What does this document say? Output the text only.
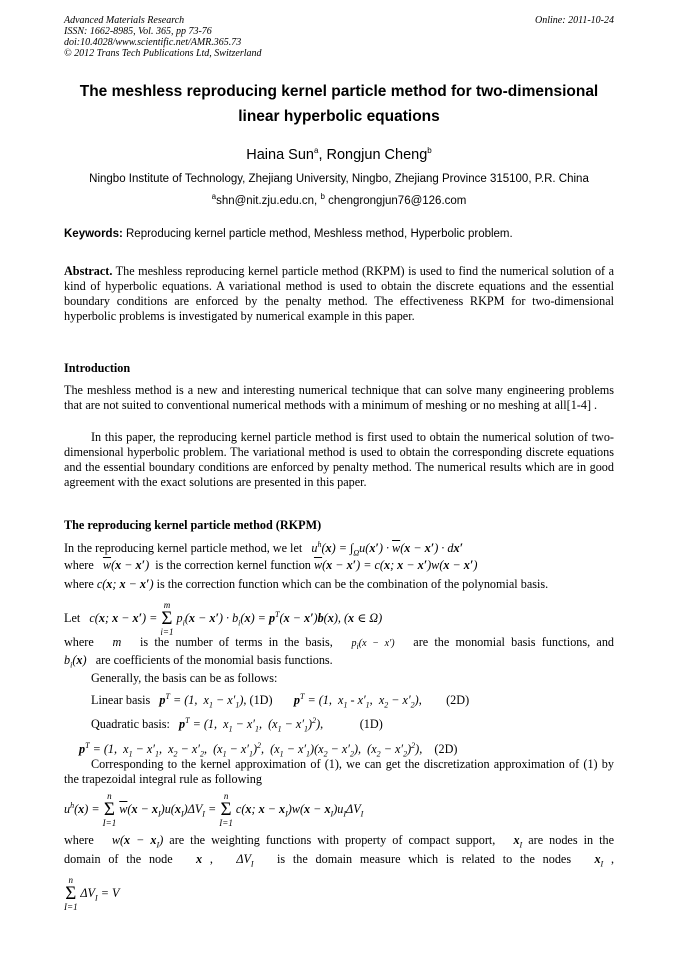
Advanced Materials Research
ISSN: 1662-8985, Vol. 365, pp 73-76
doi:10.4028/www.scientific.net/AMR.365.73
© 2012 Trans Tech Publications Ltd, Switzerland
Online: 2011-10-24
The meshless reproducing kernel particle method for two-dimensional
linear hyperbolic equations
Haina Sun$^a$, Rongjun Cheng$^b$
Ningbo Institute of Technology, Zhejiang University, Ningbo, Zhejiang Province 315100, P.R. China
$^a$shn@nit.zju.edu.cn, $^b$ chengrongjun76@126.com
Keywords: Reproducing kernel particle method, Meshless method, Hyperbolic problem.
Abstract. The meshless reproducing kernel particle method (RKPM) is used to find the numerical solution of a kind of hyperbolic equations. A variational method is used to obtain the discrete equations and the essential boundary conditions are enforced by the penalty method. The effectiveness RKPM for two-dimensional hyperbolic problems is investigated by numerical example in this paper.
Introduction
The meshless method is a new and interesting numerical technique that can solve many engineering problems that are not suited to conventional numerical methods with a minimum of meshing or no meshing at all[1-4] .
In this paper, the reproducing kernel particle method is first used to obtain the numerical solution of two-dimensional hyperbolic problem. The variational method is used to obtain the corresponding discrete equations and the essential boundary conditions are enforced by penalty method. The numerical results which are in good agreement with the exact solutions are presented in this paper.
The reproducing kernel particle method (RKPM)
In the reproducing kernel particle method, we let $u^h(x) = \int_\Omega u(x') \cdot \overline{w}(x - x') \cdot dx'$
where $\overline{w}(x - x')$ is the correction kernel function $\overline{w}(x - x') = c(x$; x − x′)w(x − x′)
where c(x; x − x′) is the correction function which can be the combination of the polynomial basis.
Let c(x; x − x′) = m
Σ
i=1 $p_i(x - x') \cdot b_i(x) = p^T(x - x')b(x)$, (x ∈ Ω)
where m is the number of terms in the basis, $p_i(x - x')$ are the monomial basis functions, and
$b_i(x)$ are coefficients of the monomial basis functions.
Generally, the basis can be as follows:
Linear basis $p^T = (1$,  $x_1 - x'_1$), (1D) $p^T = (1$,  $x_1 - x'_1$,  $x_2 - x'_2$),        (2D)
Quadratic basis: $p^T = (1$,  $x_1 - x'_1$,  $(x_1 - x'_1)^2$),            (1D)
$p^T = (1$,  $x_1 - x'_1$,  $x_2 - x'_2$,  $(x_1 - x'_1)^2$,  $(x_1 - x'_1)(x_2 - x'_2)$,  $(x_2 - x'_2)^2$),    (2D)
Corresponding to the kernel approximation of (1), we can get the discretization approximation of (1) by the trapezoidal integral rule as following
$u^h(x) = n$
Σ
I=1 $\overline{w}(x - x_I)u(x_I)\Delta V_I = n$
Σ
I=1 c(x; $x - x_I)w(x - x_I)u_I\Delta V_I$
where $w(x - x_I)$ are the weighting functions with property of compact support, $x_I$ are nodes in the
domain of the node x ,   $\Delta V_I$ is the domain measure which is related to the nodes $x_I$ ,
n
Σ
I=1 $\Delta V_I = V$
